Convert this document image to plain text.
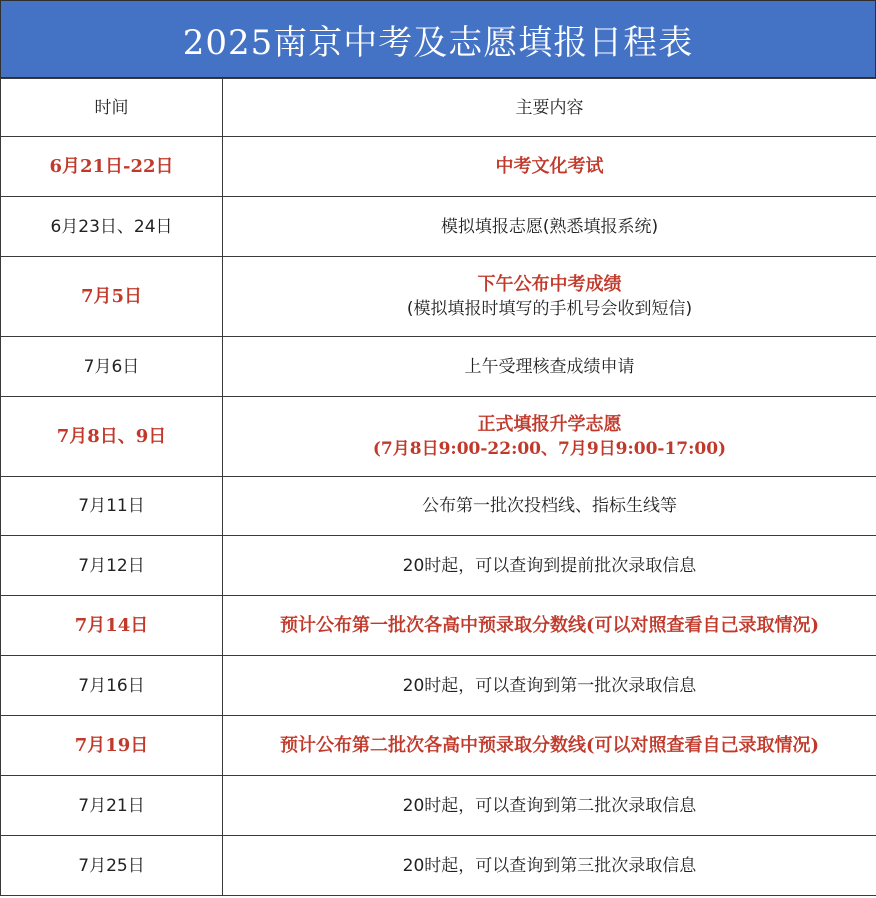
2025南京中考及志愿填报日程表
时间	主要内容
6月21日-22日	中考文化考试
6月23日、24日	模拟填报志愿(熟悉填报系统)
7月5日	下午公布中考成绩
(模拟填报时填写的手机号会收到短信)

7月6日	上午受理核查成绩申请
7月8日、9日	正式填报升学志愿
(7月8日9:00-22:00、7月9日9:00-17:00)

7月11日	公布第一批次投档线、指标生线等
7月12日	20时起，可以查询到提前批次录取信息
7月14日	预计公布第一批次各高中预录取分数线(可以对照查看自己录取情况)
7月16日	20时起，可以查询到第一批次录取信息
7月19日	预计公布第二批次各高中预录取分数线(可以对照查看自己录取情况)
7月21日	20时起，可以查询到第二批次录取信息
7月25日	20时起，可以查询到第三批次录取信息
